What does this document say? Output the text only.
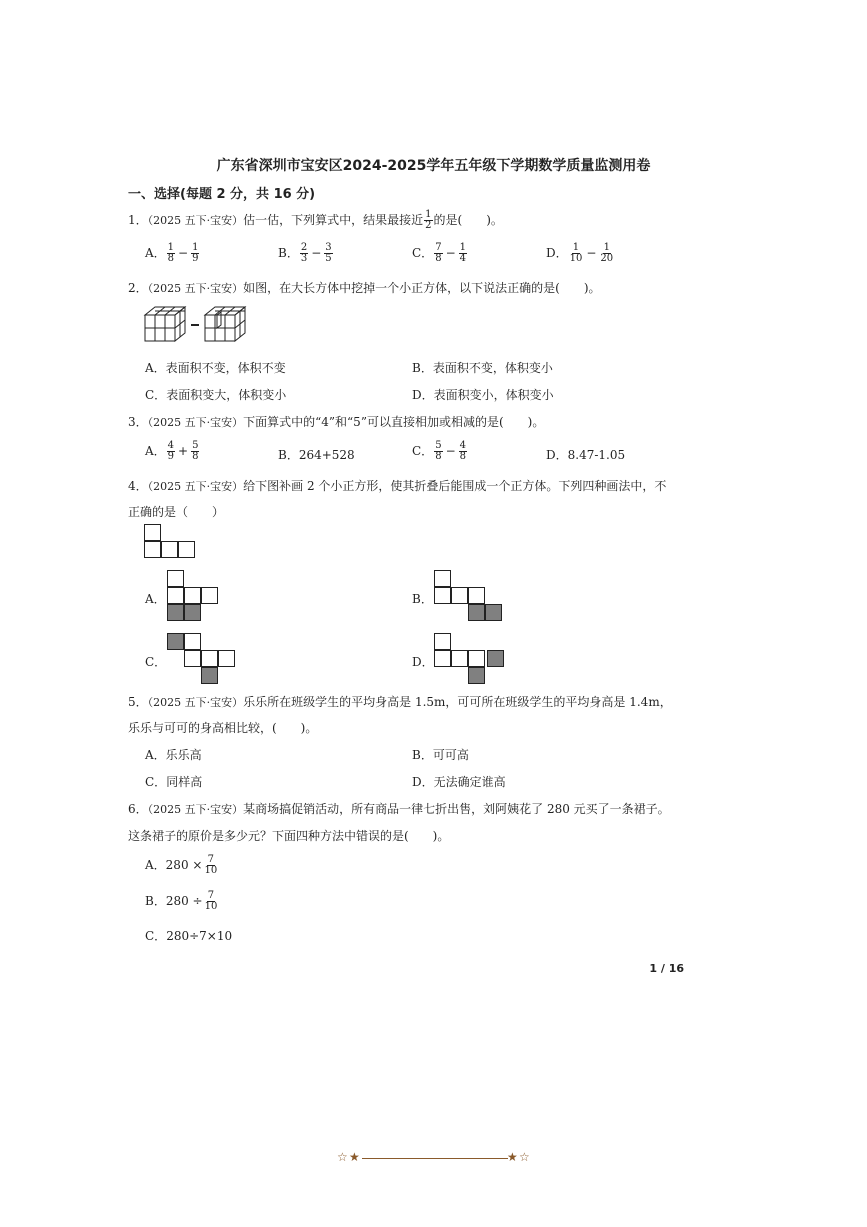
广东省深圳市宝安区2024-2025学年五年级下学期数学质量监测用卷
一、选择(每题 2 分，共 16 分)
1．（2025 五下·宝安）估一估，下列算式中，结果最接近 $\frac{1}{2}$ 的是(　　)。
A． $\frac{1}{8} - \frac{1}{9}$	B． $\frac{2}{3} - \frac{3}{5}$	C． $\frac{7}{8} - \frac{1}{4}$	D． $\frac{1}{10} - \frac{1}{20}$
2．（2025 五下·宝安）如图，在大长方体中挖掉一个小正方体，以下说法正确的是(　　)。
A．表面积不变，体积不变	B．表面积不变，体积变小
C．表面积变大，体积变小	D．表面积变小，体积变小
3．（2025 五下·宝安）下面算式中的“4”和“5”可以直接相加或相减的是(　　)。
A． $\frac{4}{9} + \frac{5}{8}$	B．264+528	C． $\frac{5}{8} - \frac{4}{8}$	D．8.47-1.05
4．（2025 五下·宝安）给下图补画 2 个小正方形，使其折叠后能围成一个正方体。下列四种画法中，不
正确的是（　　）
A．	B．
C．	D．
5．（2025 五下·宝安）乐乐所在班级学生的平均身高是 1.5m，可可所在班级学生的平均身高是 1.4m，
乐乐与可可的身高相比较，(　　)。
A．乐乐高	B．可可高
C．同样高	D．无法确定谁高
6．（2025 五下·宝安）某商场搞促销活动，所有商品一律七折出售，刘阿姨花了 280 元买了一条裙子。
这条裙子的原价是多少元？下面四种方法中错误的是(　　)。
A．$280 \times \frac{7}{10}$
B．$280 \div \frac{7}{10}$
C．280÷7×10
1 / 16
☆ ★	★ ☆
